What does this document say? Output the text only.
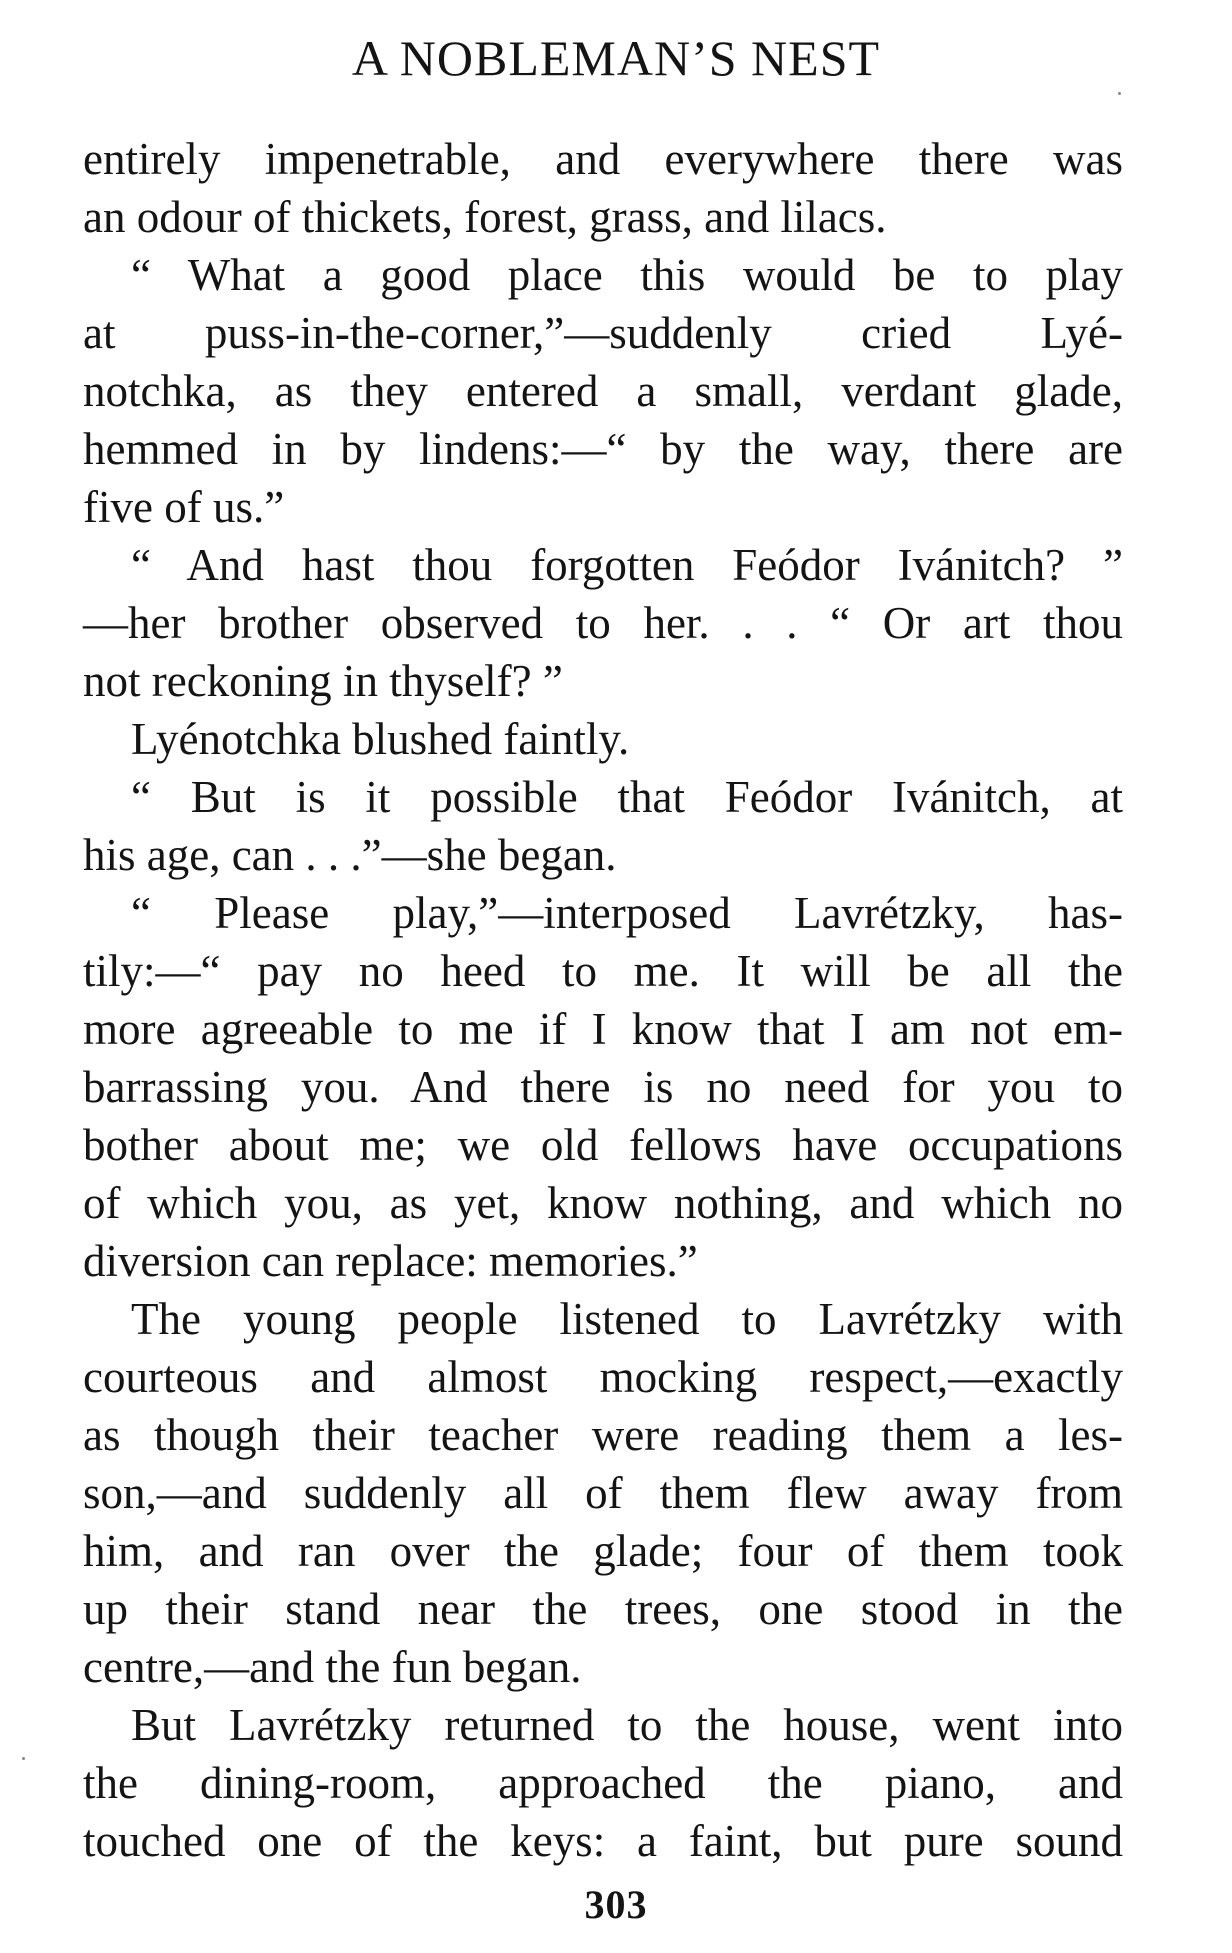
A NOBLEMAN’S NEST
entirely impenetrable, and everywhere there was
an odour of thickets, forest, grass, and lilacs.
“ What a good place this would be to play
at puss-in-the-corner,”—suddenly cried Lyé-
notchka, as they entered a small, verdant glade,
hemmed in by lindens:—“ by the way, there are
five of us.”
“ And hast thou forgotten Feódor Ivánitch? ”
—her brother observed to her. . . “ Or art thou
not reckoning in thyself? ”
Lyénotchka blushed faintly.
“ But is it possible that Feódor Ivánitch, at
his age, can . . .”—she began.
“ Please play,”—interposed Lavrétzky, has-
tily:—“ pay no heed to me. It will be all the
more agreeable to me if I know that I am not em-
barrassing you. And there is no need for you to
bother about me; we old fellows have occupations
of which you, as yet, know nothing, and which no
diversion can replace: memories.”
The young people listened to Lavrétzky with
courteous and almost mocking respect,—exactly
as though their teacher were reading them a les-
son,—and suddenly all of them flew away from
him, and ran over the glade; four of them took
up their stand near the trees, one stood in the
centre,—and the fun began.
But Lavrétzky returned to the house, went into
the dining-room, approached the piano, and
touched one of the keys: a faint, but pure sound
303
